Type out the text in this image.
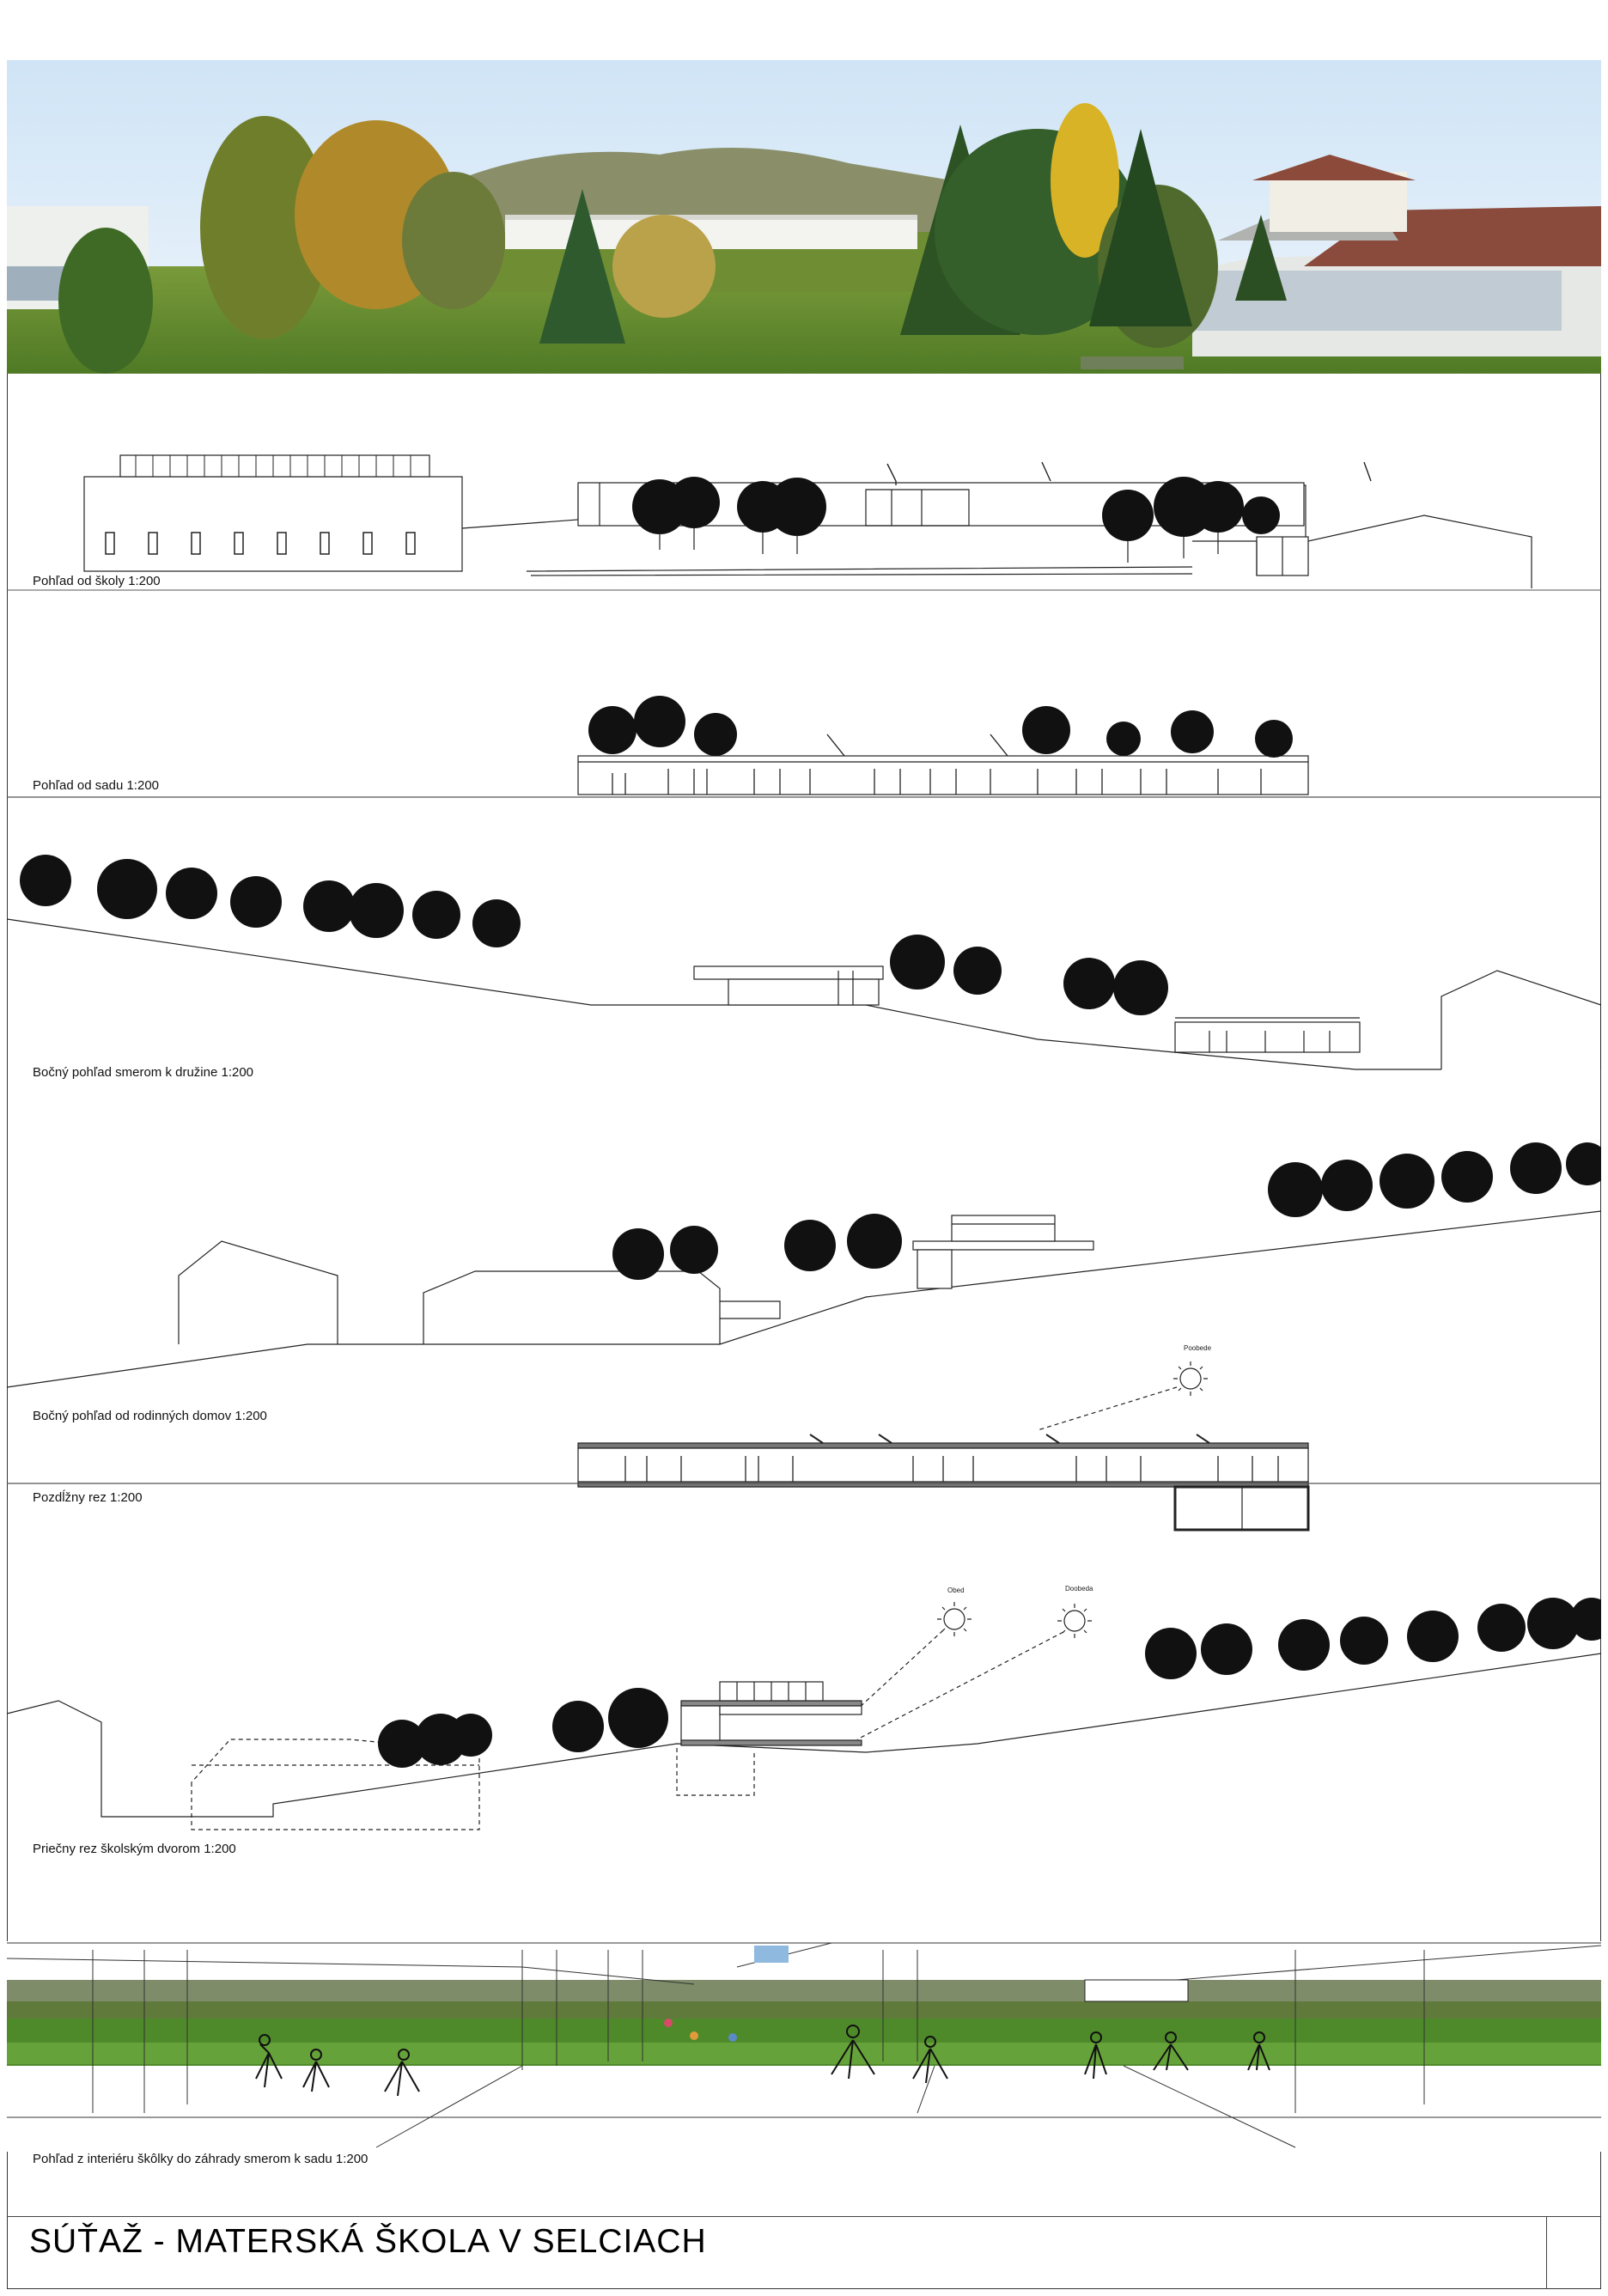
Pohľad od školy 1:200
Pohľad od sadu 1:200
Bočný pohľad smerom k družine 1:200
Bočný pohľad od rodinných domov 1:200
Poobede
Pozdĺžny rez 1:200
Obed	Doobeda
Priečny rez školským dvorom 1:200
Pohľad z interiéru škôlky do záhrady smerom k sadu 1:200
SÚŤAŽ - MATERSKÁ ŠKOLA V SELCIACH
